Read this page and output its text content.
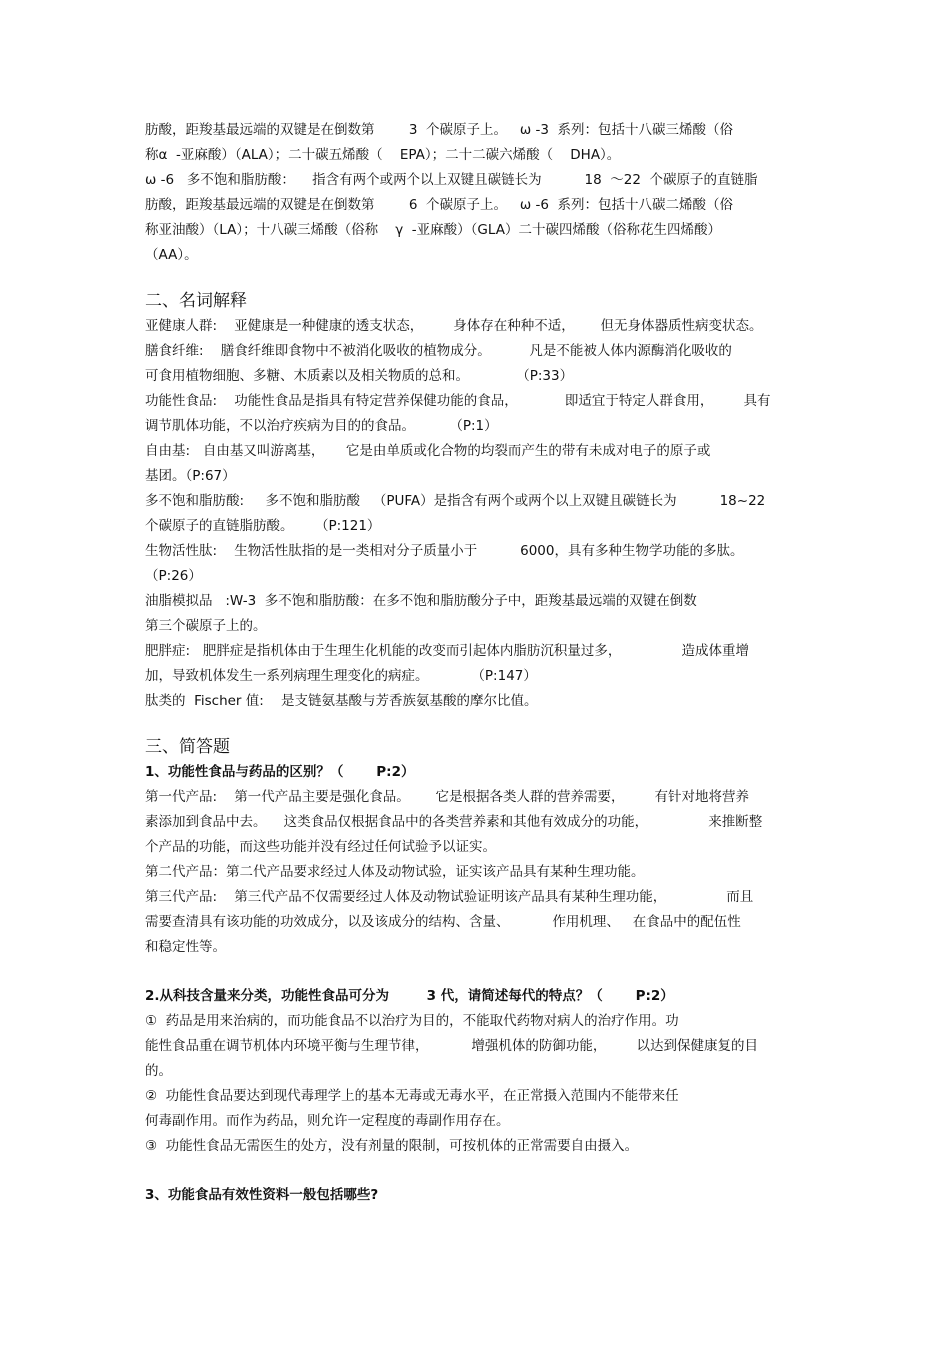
肪酸，距羧基最远端的双键是在倒数第        3  个碳原子上。   ω -3  系列：包括十八碳三烯酸（俗
称α  -亚麻酸）（ALA）；二十碳五烯酸（    EPA）；二十二碳六烯酸（    DHA）。
ω -6   多不饱和脂肪酸：    指含有两个或两个以上双键且碳链长为          18  ～22  个碳原子的直链脂
肪酸，距羧基最远端的双键是在倒数第        6  个碳原子上。   ω -6  系列：包括十八碳二烯酸（俗
称亚油酸）（LA）；十八碳三烯酸（俗称    γ  -亚麻酸）（GLA）二十碳四烯酸（俗称花生四烯酸）
（AA）。
二、名词解释
亚健康人群:    亚健康是一种健康的透支状态，       身体存在种种不适，      但无身体器质性病变状态。
膳食纤维:    膳食纤维即食物中不被消化吸收的植物成分。         凡是不能被人体内源酶消化吸收的
可食用植物细胞、多糖、木质素以及相关物质的总和。           （P:33）
功能性食品:    功能性食品是指具有特定营养保健功能的食品，           即适宜于特定人群食用，       具有
调节肌体功能，不以治疗疾病为目的的食品。        （P:1）
自由基:   自由基又叫游离基，     它是由单质或化合物的均裂而产生的带有未成对电子的原子或
基团。（P:67）
多不饱和脂肪酸:     多不饱和脂肪酸   （PUFA）是指含有两个或两个以上双键且碳链长为          18~22
个碳原子的直链脂肪酸。     （P:121）
生物活性肽:    生物活性肽指的是一类相对分子质量小于          6000，具有多种生物学功能的多肽。
（P:26）
油脂模拟品   :W-3  多不饱和脂肪酸：在多不饱和脂肪酸分子中，距羧基最远端的双键在倒数
第三个碳原子上的。
肥胖症:   肥胖症是指机体由于生理生化机能的改变而引起体内脂肪沉积量过多，              造成体重增
加，导致机体发生一系列病理生理变化的病症。          （P:147）
肽类的  Fischer 值:    是支链氨基酸与芳香族氨基酸的摩尔比值。
三、简答题
1、功能性食品与药品的区别？（       P:2）
第一代产品:    第一代产品主要是强化食品。      它是根据各类人群的营养需要，       有针对地将营养
素添加到食品中去。    这类食品仅根据食品中的各类营养素和其他有效成分的功能，              来推断整
个产品的功能，而这些功能并没有经过任何试验予以证实。
第二代产品：第二代产品要求经过人体及动物试验，证实该产品具有某种生理功能。
第三代产品:    第三代产品不仅需要经过人体及动物试验证明该产品具有某种生理功能，              而且
需要查清具有该功能的功效成分，以及该成分的结构、含量、          作用机理、   在食品中的配伍性
和稳定性等。
2.从科技含量来分类，功能性食品可分为        3 代，请简述每代的特点？（       P:2）
①  药品是用来治病的，而功能食品不以治疗为目的，不能取代药物对病人的治疗作用。功
能性食品重在调节机体内环境平衡与生理节律，          增强机体的防御功能，       以达到保健康复的目
的。
②  功能性食品要达到现代毒理学上的基本无毒或无毒水平，在正常摄入范围内不能带来任
何毒副作用。而作为药品，则允许一定程度的毒副作用存在。
③  功能性食品无需医生的处方，没有剂量的限制，可按机体的正常需要自由摄入。
3、功能食品有效性资料一般包括哪些?
